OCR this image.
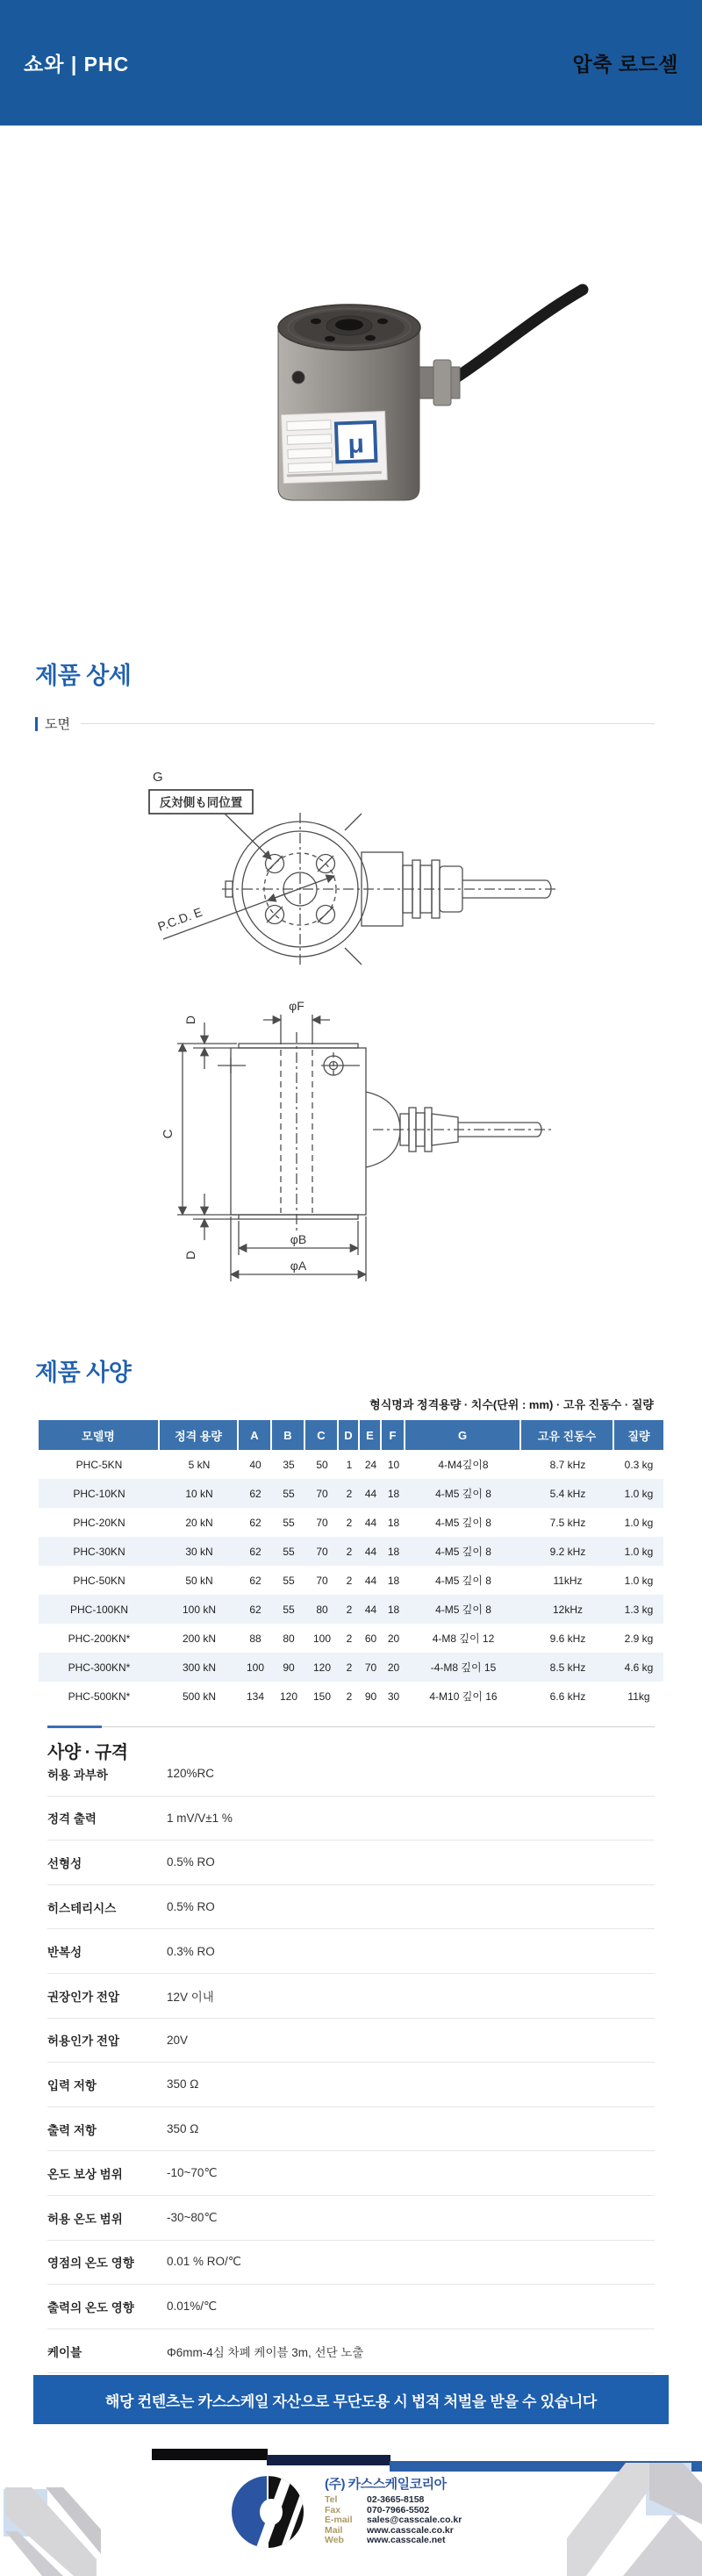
쇼와 | PHC	압축 로드셀
μ
제품 상세
도면
G
反対側も同位置
P.C.D. E
φF
C
D
D
φB
φA
제품 사양
형식명과 정격용량 · 치수(단위 : mm) · 고유 진동수 · 질량
모델명	정격 용량	A	B	C	D	E	F	G	고유 진동수	질량
PHC-5KN	5 kN	40	35	50	1	24	10	4-M4깊이8	8.7 kHz	0.3 kg
PHC-10KN	10 kN	62	55	70	2	44	18	4-M5 깊이 8	5.4 kHz	1.0 kg
PHC-20KN	20 kN	62	55	70	2	44	18	4-M5 깊이 8	7.5 kHz	1.0 kg
PHC-30KN	30 kN	62	55	70	2	44	18	4-M5 깊이 8	9.2 kHz	1.0 kg
PHC-50KN	50 kN	62	55	70	2	44	18	4-M5 깊이 8	11kHz	1.0 kg
PHC-100KN	100 kN	62	55	80	2	44	18	4-M5 깊이 8	12kHz	1.3 kg
PHC-200KN*	200 kN	88	80	100	2	60	20	4-M8 깊이 12	9.6 kHz	2.9 kg
PHC-300KN*	300 kN	100	90	120	2	70	20	-4-M8 깊이 15	8.5 kHz	4.6 kg
PHC-500KN*	500 kN	134	120	150	2	90	30	4-M10 깊이 16	6.6 kHz	11kg
사양 · 규격
허용 과부하	120%RC
정격 출력	1 mV/V±1 %
선형성	0.5% RO
히스테리시스	0.5% RO
반복성	0.3% RO
권장인가 전압	12V 이내
허용인가 전압	20V
입력 저항	350 Ω
출력 저항	350 Ω
온도 보상 범위	-10~70℃
허용 온도 범위	-30~80℃
영점의 온도 영향	0.01 % RO/℃
출력의 온도 영향	0.01%/℃
케이블	Φ6mm-4심 차폐 케이블 3m, 선단 노출
해당 컨텐츠는 카스스케일 자산으로 무단도용 시 법적 처벌을 받을 수 있습니다
(주) 카스스케일코리아
Tel	02-3665-8158
Fax	070-7966-5502
E-mail	sales@casscale.co.kr
Mail	www.casscale.co.kr
Web	www.casscale.net
